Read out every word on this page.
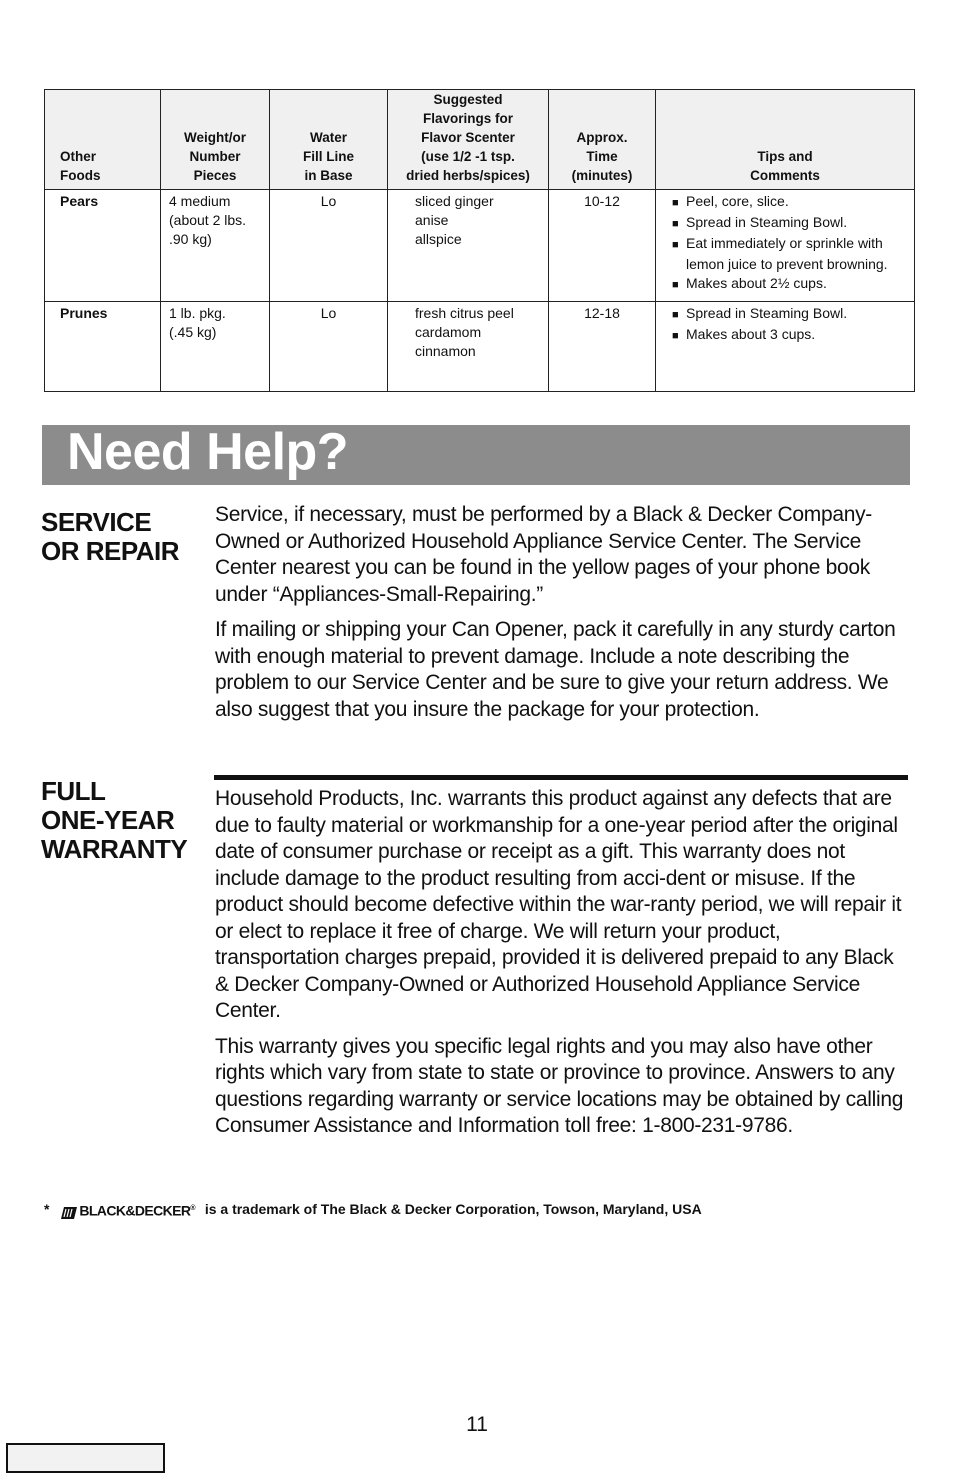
Other
Foods	Weight/or
Number
Pieces	Water
Fill Line
in Base	Suggested
Flavorings for
Flavor Scenter
(use 1/2 -1 tsp.
dried herbs/spices)	Approx.
Time
(minutes)	Tips and
Comments

Pears	4 medium
(about 2 lbs.
.90 kg)	Lo	sliced ginger
anise
allspice	10-12	■ Peel, core, slice.
■ Spread in Steaming Bowl.
■ Eat immediately or sprinkle with lemon juice to prevent browning.
■ Makes about 2½ cups.

Prunes	1 lb. pkg.
(.45 kg)	Lo	fresh citrus peel
cardamom
cinnamon	12-18	■ Spread in Steaming Bowl.
■ Makes about 3 cups.
Need Help?
SERVICE
OR REPAIR

Service, if necessary, must be performed by a Black & Decker Company-Owned or Authorized Household Appliance Service Center. The Service Center nearest you can be found in the yellow pages of your phone book under “Appliances-Small-Repairing.”

If mailing or shipping your Can Opener, pack it carefully in any sturdy carton with enough material to prevent damage. Include a note describing the problem to our Service Center and be sure to give your return address. We also suggest that you insure the package for your protection.

FULL
ONE-YEAR
WARRANTY

Household Products, Inc. warrants this product against any defects that are due to faulty material or workmanship for a one-year period after the original date of consumer purchase or receipt as a gift. This warranty does not include damage to the product resulting from acci-dent or misuse. If the product should become defective within the war-ranty period, we will repair it or elect to replace it free of charge. We will return your product, transportation charges prepaid, provided it is delivered prepaid to any Black & Decker Company-Owned or Authorized Household Appliance Service Center.

This warranty gives you specific legal rights and you may also have other rights which vary from state to state or province to province. Answers to any questions regarding warranty or service locations may be obtained by calling Consumer Assistance and Information toll free: 1-800-231-9786.

* BLACK&DECKER® is a trademark of The Black & Decker Corporation, Towson, Maryland, USA
11
